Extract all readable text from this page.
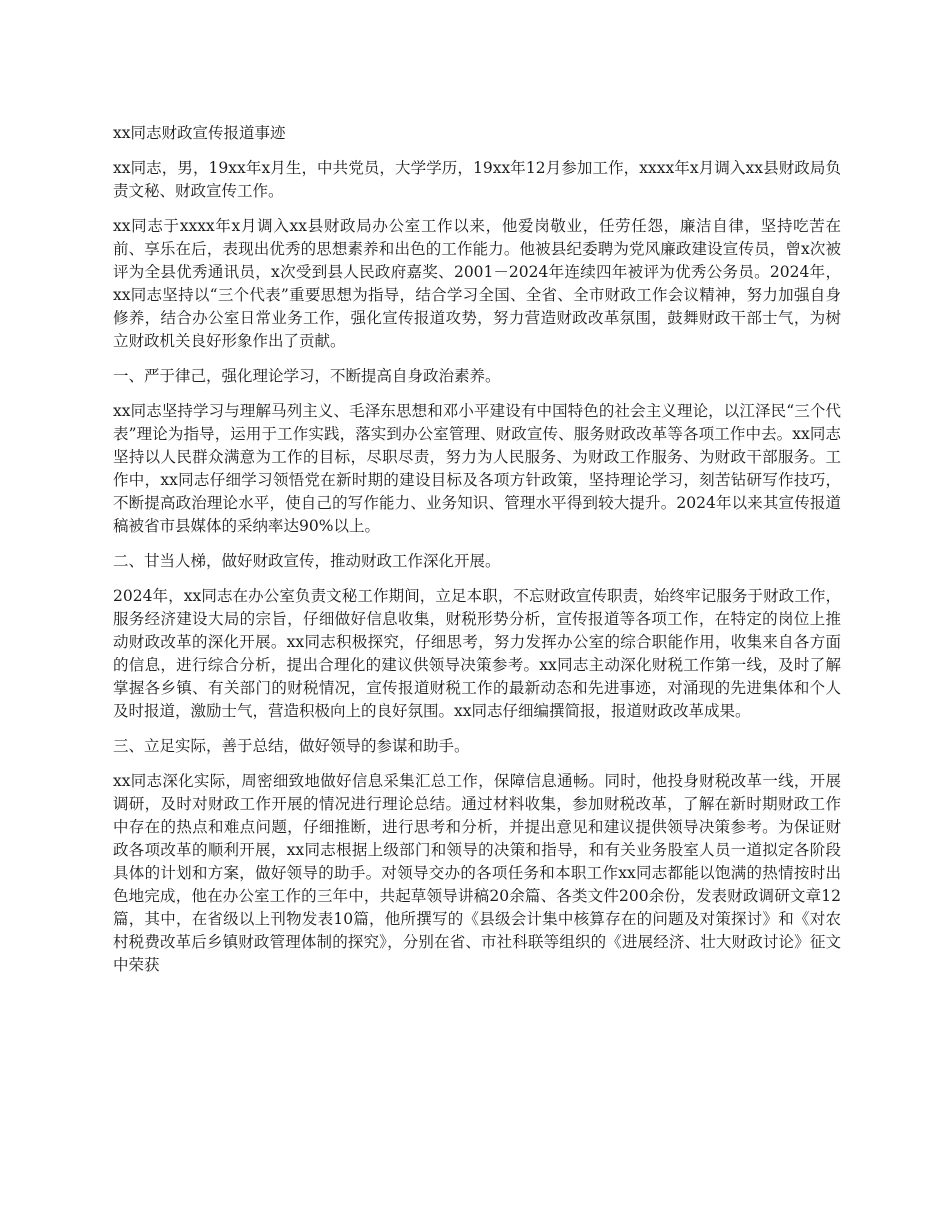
xx同志财政宣传报道事迹

xx同志，男，19xx年x月生，中共党员，大学学历，19xx年12月参加工作，xxxx年x月调入xx县财政局负责文秘、财政宣传工作。

xx同志于xxxx年x月调入xx县财政局办公室工作以来，他爱岗敬业，任劳任怨，廉洁自律，坚持吃苦在前、享乐在后，表现出优秀的思想素养和出色的工作能力。他被县纪委聘为党风廉政建设宣传员，曾x次被评为全县优秀通讯员，x次受到县人民政府嘉奖、2001－2024年连续四年被评为优秀公务员。2024年，xx同志坚持以“三个代表”重要思想为指导，结合学习全国、全省、全市财政工作会议精神，努力加强自身修养，结合办公室日常业务工作，强化宣传报道攻势，努力营造财政改革氛围，鼓舞财政干部士气，为树立财政机关良好形象作出了贡献。

一、严于律己，强化理论学习，不断提高自身政治素养。

xx同志坚持学习与理解马列主义、毛泽东思想和邓小平建设有中国特色的社会主义理论，以江泽民“三个代表”理论为指导，运用于工作实践，落实到办公室管理、财政宣传、服务财政改革等各项工作中去。xx同志坚持以人民群众满意为工作的目标，尽职尽责，努力为人民服务、为财政工作服务、为财政干部服务。工作中，xx同志仔细学习领悟党在新时期的建设目标及各项方针政策，坚持理论学习，刻苦钻研写作技巧，不断提高政治理论水平，使自己的写作能力、业务知识、管理水平得到较大提升。2024年以来其宣传报道稿被省市县媒体的采纳率达90%以上。

二、甘当人梯，做好财政宣传，推动财政工作深化开展。

2024年，xx同志在办公室负责文秘工作期间，立足本职，不忘财政宣传职责，始终牢记服务于财政工作，服务经济建设大局的宗旨，仔细做好信息收集，财税形势分析，宣传报道等各项工作，在特定的岗位上推动财政改革的深化开展。xx同志积极探究，仔细思考，努力发挥办公室的综合职能作用，收集来自各方面的信息，进行综合分析，提出合理化的建议供领导决策参考。xx同志主动深化财税工作第一线，及时了解掌握各乡镇、有关部门的财税情况，宣传报道财税工作的最新动态和先进事迹，对涌现的先进集体和个人及时报道，激励士气，营造积极向上的良好氛围。xx同志仔细编撰简报，报道财政改革成果。

三、立足实际，善于总结，做好领导的参谋和助手。

xx同志深化实际，周密细致地做好信息采集汇总工作，保障信息通畅。同时，他投身财税改革一线，开展调研，及时对财政工作开展的情况进行理论总结。通过材料收集，参加财税改革，了解在新时期财政工作中存在的热点和难点问题，仔细推断，进行思考和分析，并提出意见和建议提供领导决策参考。为保证财政各项改革的顺利开展，xx同志根据上级部门和领导的决策和指导，和有关业务股室人员一道拟定各阶段具体的计划和方案，做好领导的助手。对领导交办的各项任务和本职工作xx同志都能以饱满的热情按时出色地完成，他在办公室工作的三年中，共起草领导讲稿20余篇、各类文件200余份，发表财政调研文章12篇，其中，在省级以上刊物发表10篇，他所撰写的《县级会计集中核算存在的问题及对策探讨》和《对农村税费改革后乡镇财政管理体制的探究》，分别在省、市社科联等组织的《进展经济、壮大财政讨论》征文中荣获
